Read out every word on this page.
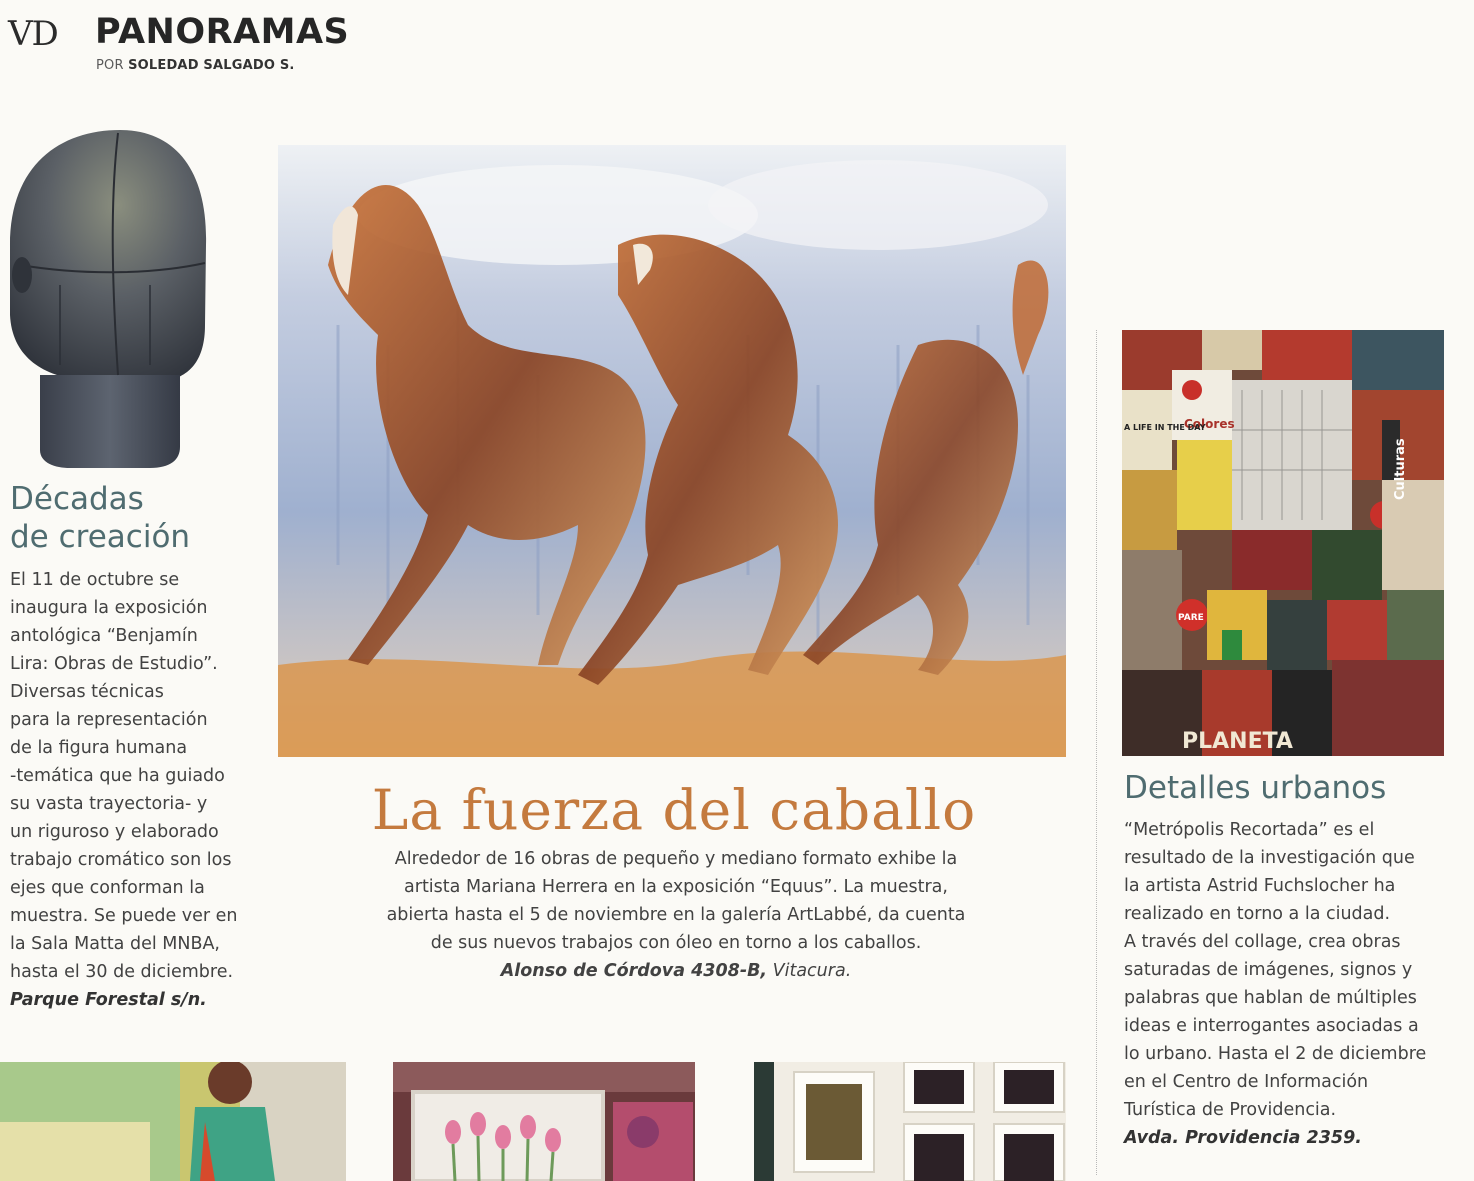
VD PANORAMAS
POR SOLEDAD SALGADO S.
Décadas
de creación
El 11 de octubre se
inaugura la exposición
antológica “Benjamín
Lira: Obras de Estudio”.
Diversas técnicas
para la representación
de la figura humana
-temática que ha guiado
su vasta trayectoria- y
un riguroso y elaborado
trabajo cromático son los
ejes que conforman la
muestra. Se puede ver en
la Sala Matta del MNBA,
hasta el 30 de diciembre.
Parque Forestal s/n.
La fuerza del caballo
Alrededor de 16 obras de pequeño y mediano formato exhibe la
artista Mariana Herrera en la exposición “Equus”. La muestra,
abierta hasta el 5 de noviembre en la galería ArtLabbé, da cuenta
de sus nuevos trabajos con óleo en torno a los caballos.
Alonso de Córdova 4308-B, Vitacura.
Colores
Culturas
PARE
PLANETA
A LIFE IN THE DAY
Detalles urbanos
“Metrópolis Recortada” es el
resultado de la investigación que
la artista Astrid Fuchslocher ha
realizado en torno a la ciudad.
A través del collage, crea obras
saturadas de imágenes, signos y
palabras que hablan de múltiples
ideas e interrogantes asociadas a
lo urbano. Hasta el 2 de diciembre
en el Centro de Información
Turística de Providencia.
Avda. Providencia 2359.
